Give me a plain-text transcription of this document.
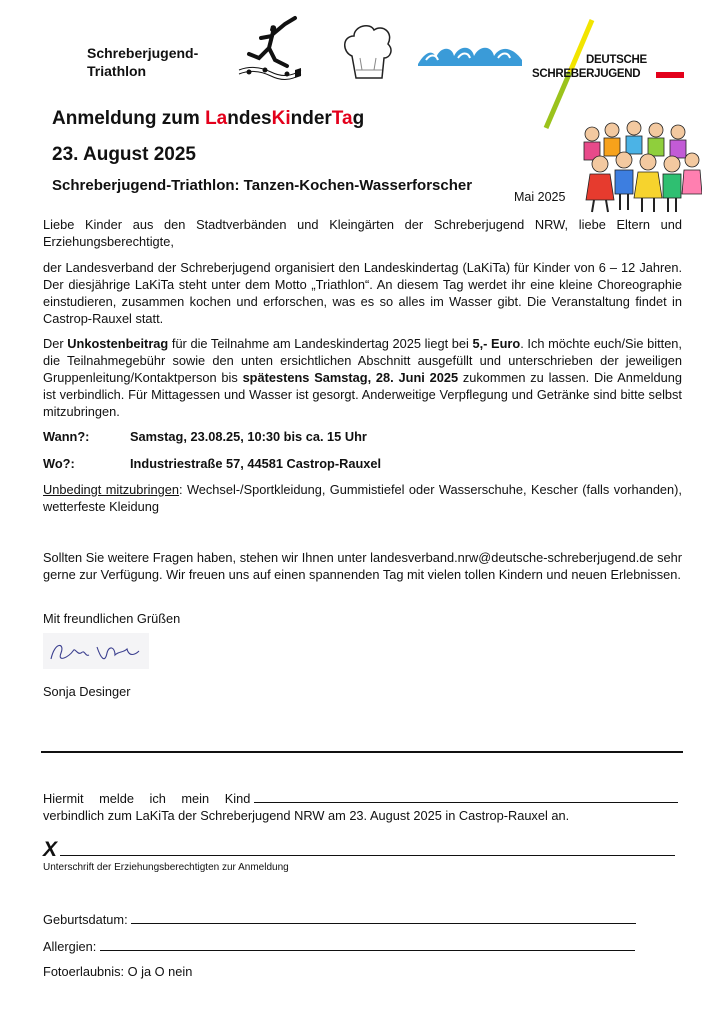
Schreberjugend-
Triathlon
DEUTSCHE
SCHREBERJUGEND
Anmeldung zum LandesKinderTag
23. August 2025
Schreberjugend-Triathlon: Tanzen-Kochen-Wasserforscher
Mai 2025
Liebe Kinder aus den Stadtverbänden und Kleingärten der Schreberjugend NRW, liebe Eltern und Erziehungsberechtigte,
der Landesverband der Schreberjugend organisiert den Landeskindertag (LaKiTa) für Kinder von 6 – 12 Jahren. Der diesjährige LaKiTa steht unter dem Motto „Triathlon“. An diesem Tag werdet ihr eine kleine Choreographie einstudieren, zusammen kochen und erforschen, was es so alles im Wasser gibt. Die Veranstaltung findet in Castrop-Rauxel statt.
Der Unkostenbeitrag für die Teilnahme am Landeskindertag 2025 liegt bei 5,- Euro. Ich möchte euch/Sie bitten, die Teilnahmegebühr sowie den unten ersichtlichen Abschnitt ausgefüllt und unterschrieben der jeweiligen Gruppenleitung/Kontaktperson bis spätestens Samstag, 28. Juni 2025 zukommen zu lassen. Die Anmeldung ist verbindlich. Für Mittagessen und Wasser ist gesorgt. Anderweitige Verpflegung und Getränke sind bitte selbst mitzubringen.
Wann?:	Samstag, 23.08.25, 10:30 bis ca. 15 Uhr
Wo?:	Industriestraße 57, 44581 Castrop-Rauxel
Unbedingt mitzubringen: Wechsel-/Sportkleidung, Gummistiefel oder Wasserschuhe, Kescher (falls vorhanden), wetterfeste Kleidung
Sollten Sie weitere Fragen haben, stehen wir Ihnen unter landesverband.nrw@deutsche-schreberjugend.de sehr gerne zur Verfügung. Wir freuen uns auf einen spannenden Tag mit vielen tollen Kindern und neuen Erlebnissen.
Mit freundlichen Grüßen
Sonja Desinger
Hiermit melde ich mein Kind
verbindlich zum LaKiTa der Schreberjugend NRW am 23. August 2025 in Castrop-Rauxel an.
X
Unterschrift der Erziehungsberechtigten zur Anmeldung
Geburtsdatum:
Allergien:
Fotoerlaubnis: O ja O nein
